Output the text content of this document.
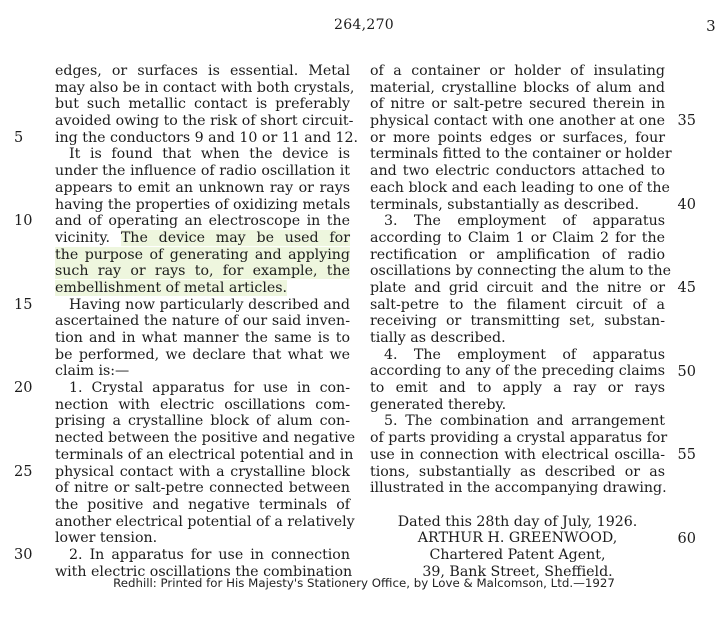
264,270	3
edges, or surfaces is essential. Metal
may also be in contact with both crystals,
but such metallic contact is preferably
avoided owing to the risk of short circuit-
ing the conductors 9 and 10 or 11 and 12.
It is found that when the device is
under the influence of radio oscillation it
appears to emit an unknown ray or rays
having the properties of oxidizing metals
and of operating an electroscope in the
vicinity. The device may be used for
the purpose of generating and applying
such ray or rays to, for example, the
embellishment of metal articles.
Having now particularly described and
ascertained the nature of our said inven-
tion and in what manner the same is to
be performed, we declare that what we
claim is:—
1. Crystal apparatus for use in con-
nection with electric oscillations com-
prising a crystalline block of alum con-
nected between the positive and negative
terminals of an electrical potential and in
physical contact with a crystalline block
of nitre or salt-petre connected between
the positive and negative terminals of
another electrical potential of a relatively
lower tension.
2. In apparatus for use in connection
with electric oscillations the combination
of a container or holder of insulating
material, crystalline blocks of alum and
of nitre or salt-petre secured therein in
physical contact with one another at one
or more points edges or surfaces, four
terminals fitted to the container or holder
and two electric conductors attached to
each block and each leading to one of the
terminals, substantially as described.
3. The employment of apparatus
according to Claim 1 or Claim 2 for the
rectification or amplification of radio
oscillations by connecting the alum to the
plate and grid circuit and the nitre or
salt-petre to the filament circuit of a
receiving or transmitting set, substan-
tially as described.
4. The employment of apparatus
according to any of the preceding claims
to emit and to apply a ray or rays
generated thereby.
5. The combination and arrangement
of parts providing a crystal apparatus for
use in connection with electrical oscilla-
tions, substantially as described or as
illustrated in the accompanying drawing.
Dated this 28th day of July, 1926.
ARTHUR H. GREENWOOD,
Chartered Patent Agent,
39, Bank Street, Sheffield.
5
10
15
20
25
30
35
40
45
50
55
60
Redhill: Printed for His Majesty's Stationery Office, by Love & Malcomson, Ltd.—1927
